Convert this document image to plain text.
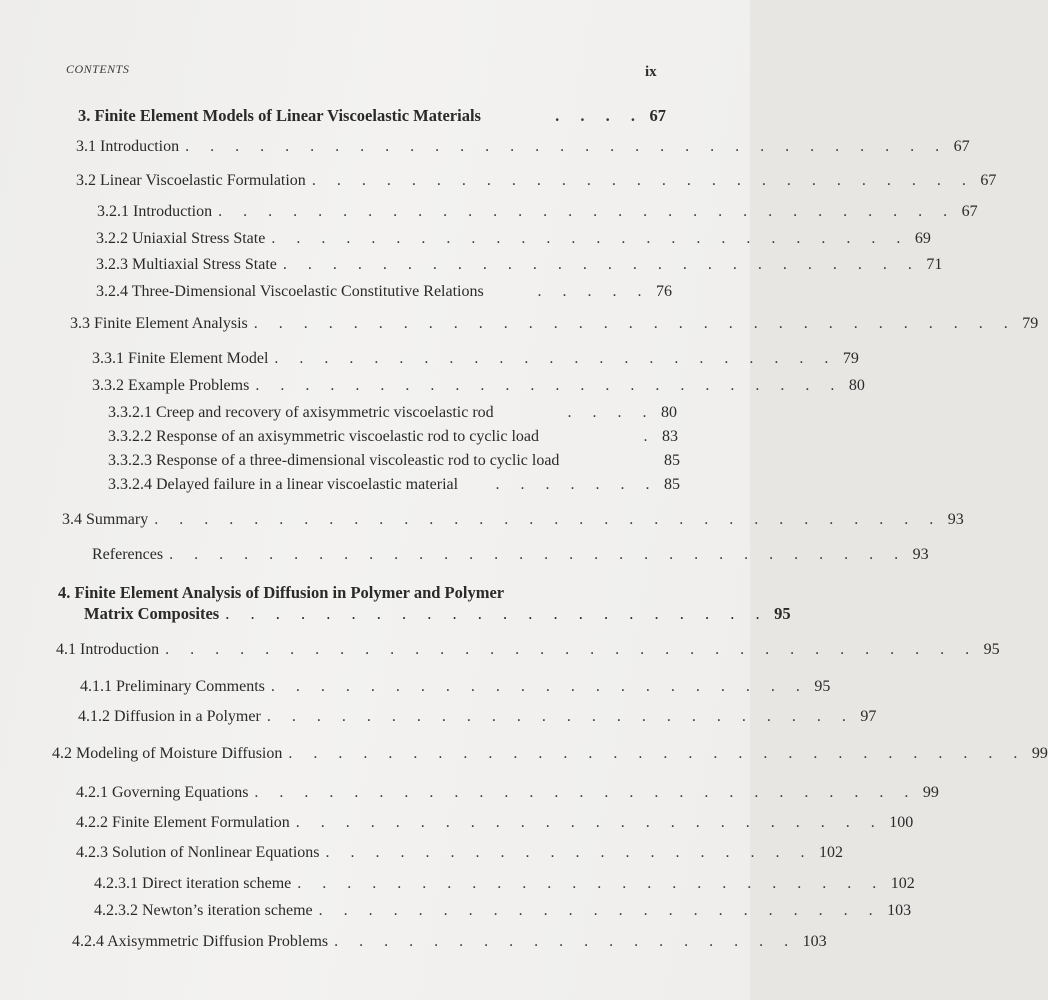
CONTENTS	ix
3. Finite Element Models of Linear Viscoelastic Materials	. . . . 67
3.1 Introduction . . . . . . . . . . . . . . . . . . . . . . . . . . . . . . . 67
3.2 Linear Viscoelastic Formulation . . . . . . . . . . . . . . . . . . . . . . . . . . . 67
3.2.1 Introduction . . . . . . . . . . . . . . . . . . . . . . . . . . . . . . 67
3.2.2 Uniaxial Stress State . . . . . . . . . . . . . . . . . . . . . . . . . . 69
3.2.3 Multiaxial Stress State . . . . . . . . . . . . . . . . . . . . . . . . . . 71
3.2.4 Three-Dimensional Viscoelastic Constitutive Relations	. . . . . 76
3.3 Finite Element Analysis . . . . . . . . . . . . . . . . . . . . . . . . . . . . . . . 79
3.3.1 Finite Element Model . . . . . . . . . . . . . . . . . . . . . . . 79
3.3.2 Example Problems . . . . . . . . . . . . . . . . . . . . . . . . 80
3.3.2.1 Creep and recovery of axisymmetric viscoelastic rod	. . . . 80
3.3.2.2 Response of an axisymmetric viscoelastic rod to cyclic load	. 83
3.3.2.3 Response of a three-dimensional viscoleastic rod to cyclic load	85
3.3.2.4 Delayed failure in a linear viscoelastic material	. . . . . . . 85
3.4 Summary . . . . . . . . . . . . . . . . . . . . . . . . . . . . . . . . 93
References . . . . . . . . . . . . . . . . . . . . . . . . . . . . . . 93
4. Finite Element Analysis of Diffusion in Polymer and Polymer
Matrix Composites . . . . . . . . . . . . . . . . . . . . . . 95
4.1 Introduction . . . . . . . . . . . . . . . . . . . . . . . . . . . . . . . . . 95
4.1.1 Preliminary Comments . . . . . . . . . . . . . . . . . . . . . . 95
4.1.2 Diffusion in a Polymer . . . . . . . . . . . . . . . . . . . . . . . . 97
4.2 Modeling of Moisture Diffusion . . . . . . . . . . . . . . . . . . . . . . . . . . . . . . 99
4.2.1 Governing Equations . . . . . . . . . . . . . . . . . . . . . . . . . . . 99
4.2.2 Finite Element Formulation . . . . . . . . . . . . . . . . . . . . . . . . 100
4.2.3 Solution of Nonlinear Equations . . . . . . . . . . . . . . . . . . . . 102
4.2.3.1 Direct iteration scheme . . . . . . . . . . . . . . . . . . . . . . . . 102
4.2.3.2 Newton’s iteration scheme . . . . . . . . . . . . . . . . . . . . . . . 103
4.2.4 Axisymmetric Diffusion Problems . . . . . . . . . . . . . . . . . . . 103
